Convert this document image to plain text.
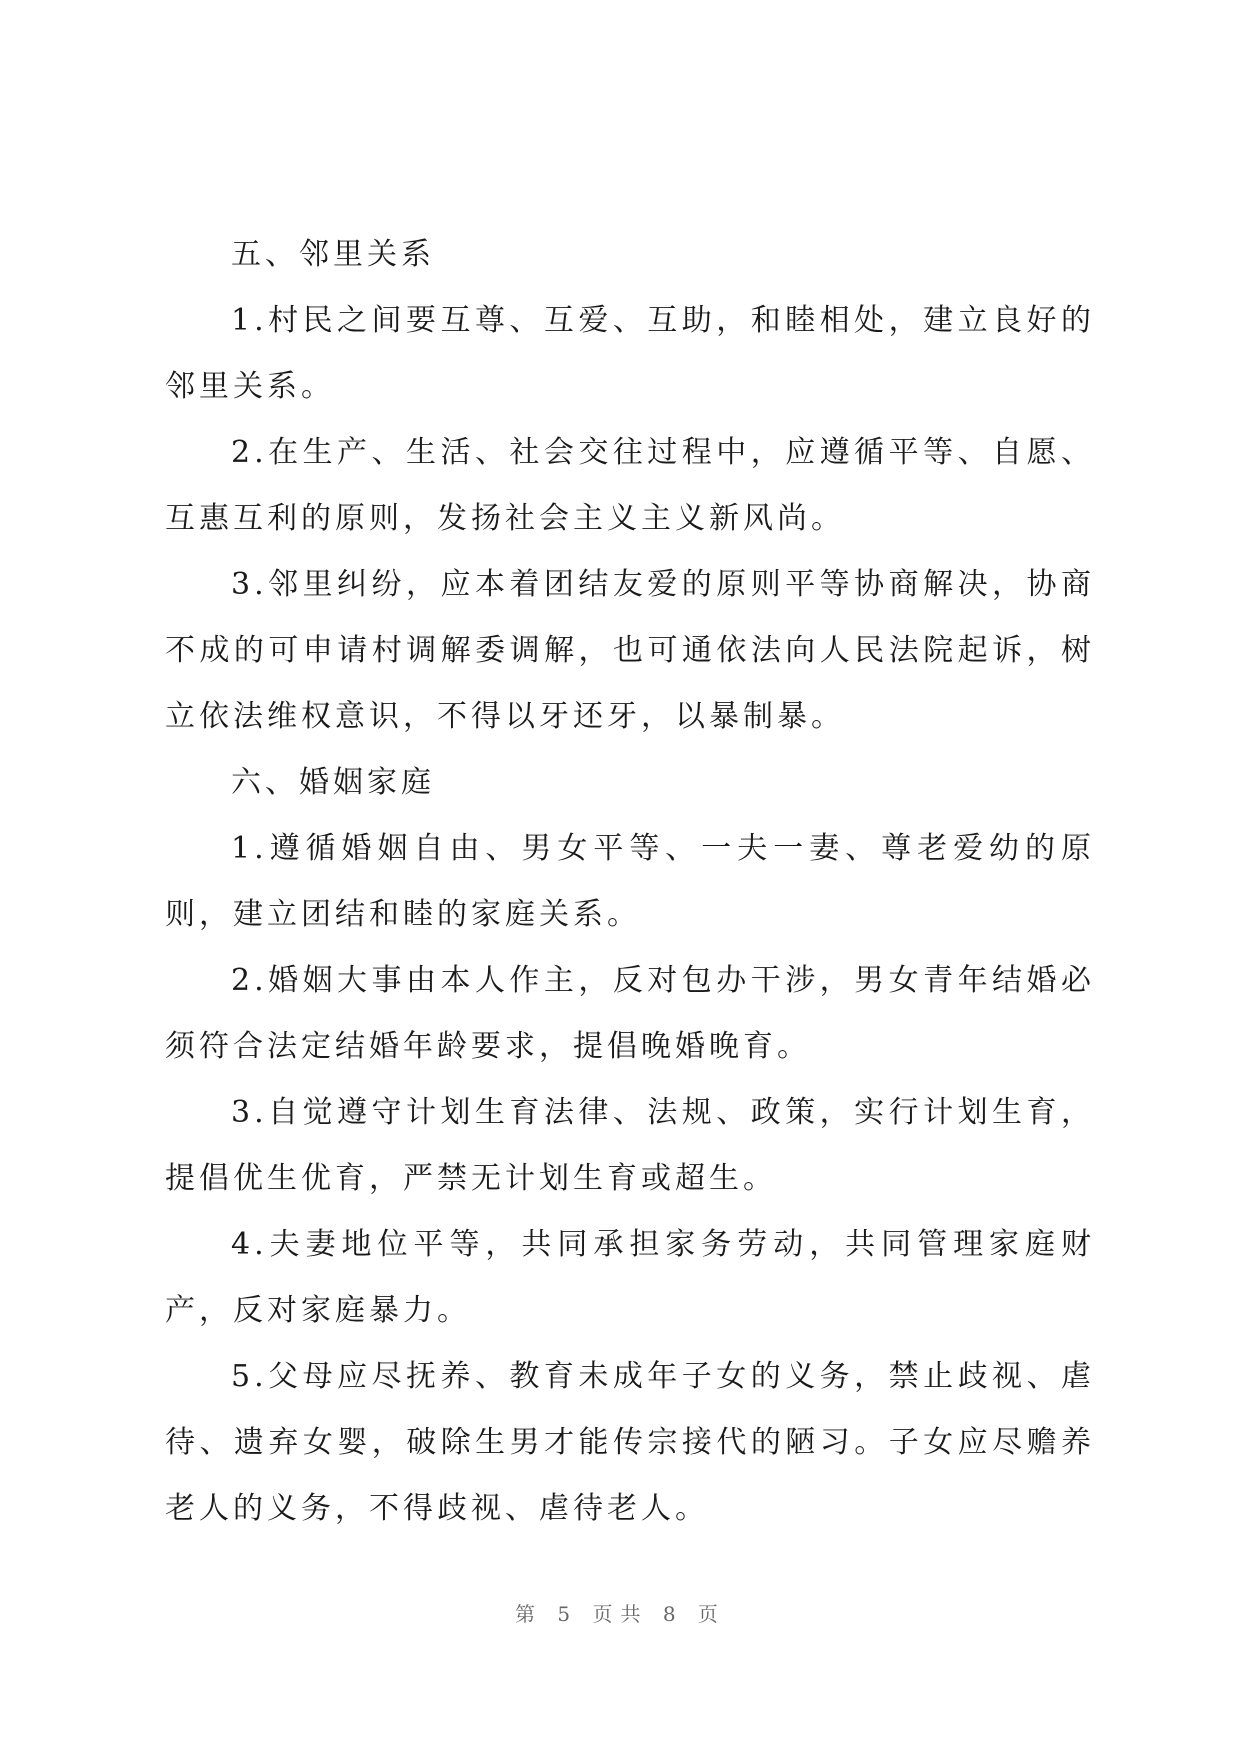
五、邻里关系

1.村民之间要互尊、互爱、互助，和睦相处，建立良好的邻里关系。

2.在生产、生活、社会交往过程中，应遵循平等、自愿、互惠互利的原则，发扬社会主义主义新风尚。

3.邻里纠纷，应本着团结友爱的原则平等协商解决，协商不成的可申请村调解委调解，也可通依法向人民法院起诉，树立依法维权意识，不得以牙还牙，以暴制暴。

六、婚姻家庭

1.遵循婚姻自由、男女平等、一夫一妻、尊老爱幼的原则，建立团结和睦的家庭关系。

2.婚姻大事由本人作主，反对包办干涉，男女青年结婚必须符合法定结婚年龄要求，提倡晚婚晚育。

3.自觉遵守计划生育法律、法规、政策，实行计划生育，提倡优生优育，严禁无计划生育或超生。

4.夫妻地位平等，共同承担家务劳动，共同管理家庭财产，反对家庭暴力。

5.父母应尽抚养、教育未成年子女的义务，禁止歧视、虐待、遗弃女婴，破除生男才能传宗接代的陋习。子女应尽赡养老人的义务，不得歧视、虐待老人。

第 5 页共 8 页
